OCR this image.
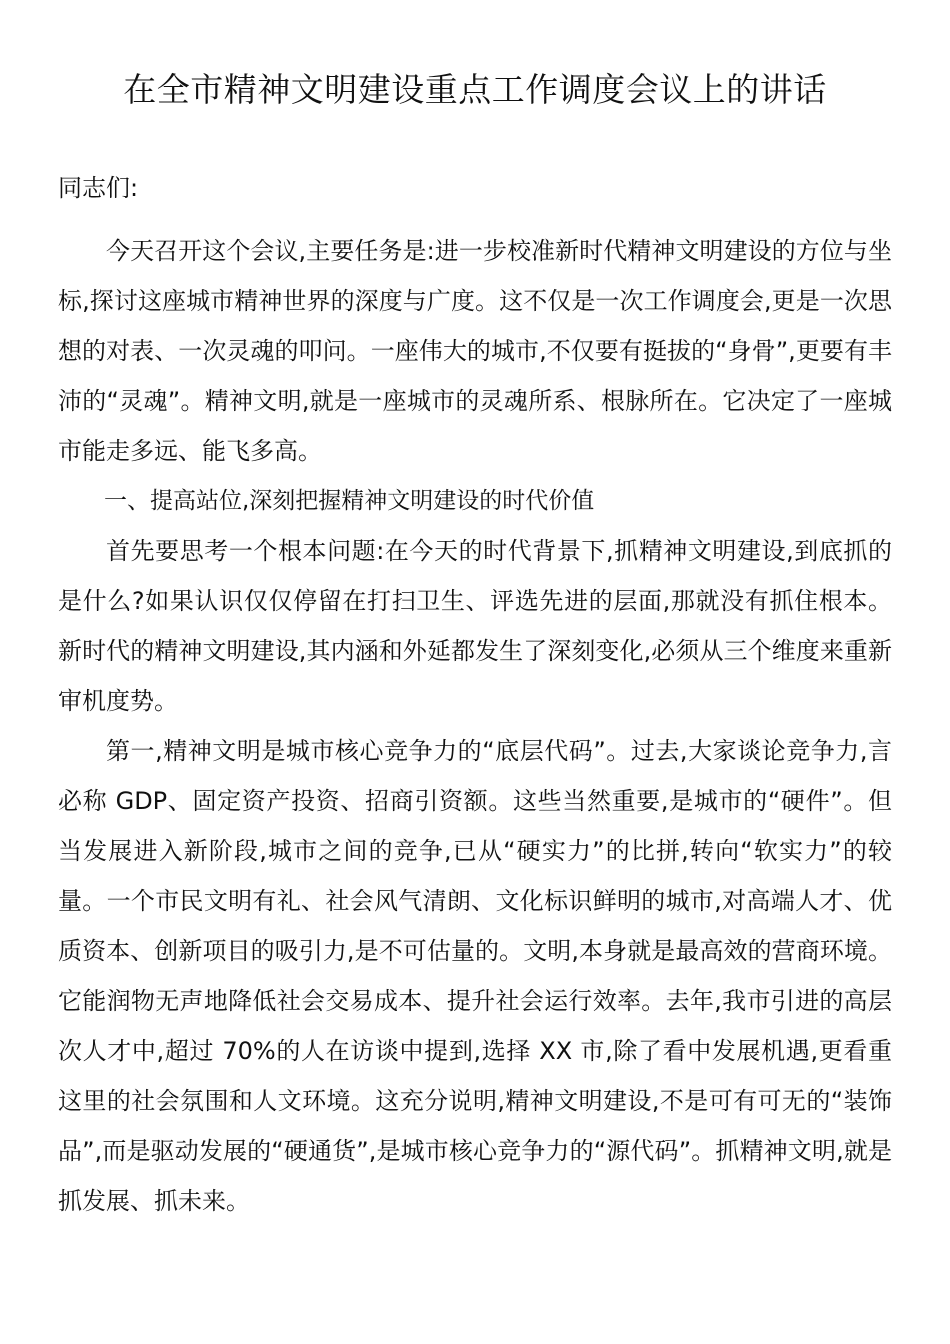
在全市精神文明建设重点工作调度会议上的讲话

同志们:

今天召开这个会议,主要任务是:进一步校准新时代精神文明建设的方位与坐标,探讨这座城市精神世界的深度与广度。这不仅是一次工作调度会,更是一次思想的对表、一次灵魂的叩问。一座伟大的城市,不仅要有挺拔的“身骨”,更要有丰沛的“灵魂”。精神文明,就是一座城市的灵魂所系、根脉所在。它决定了一座城市能走多远、能飞多高。

一、提高站位,深刻把握精神文明建设的时代价值

首先要思考一个根本问题:在今天的时代背景下,抓精神文明建设,到底抓的是什么?如果认识仅仅停留在打扫卫生、评选先进的层面,那就没有抓住根本。新时代的精神文明建设,其内涵和外延都发生了深刻变化,必须从三个维度来重新审机度势。

第一,精神文明是城市核心竞争力的“底层代码”。过去,大家谈论竞争力,言必称 GDP、固定资产投资、招商引资额。这些当然重要,是城市的“硬件”。但当发展进入新阶段,城市之间的竞争,已从“硬实力”的比拼,转向“软实力”的较量。一个市民文明有礼、社会风气清朗、文化标识鲜明的城市,对高端人才、优质资本、创新项目的吸引力,是不可估量的。文明,本身就是最高效的营商环境。它能润物无声地降低社会交易成本、提升社会运行效率。去年,我市引进的高层次人才中,超过 70%的人在访谈中提到,选择 XX 市,除了看中发展机遇,更看重这里的社会氛围和人文环境。这充分说明,精神文明建设,不是可有可无的“装饰品”,而是驱动发展的“硬通货”,是城市核心竞争力的“源代码”。抓精神文明,就是抓发展、抓未来。
